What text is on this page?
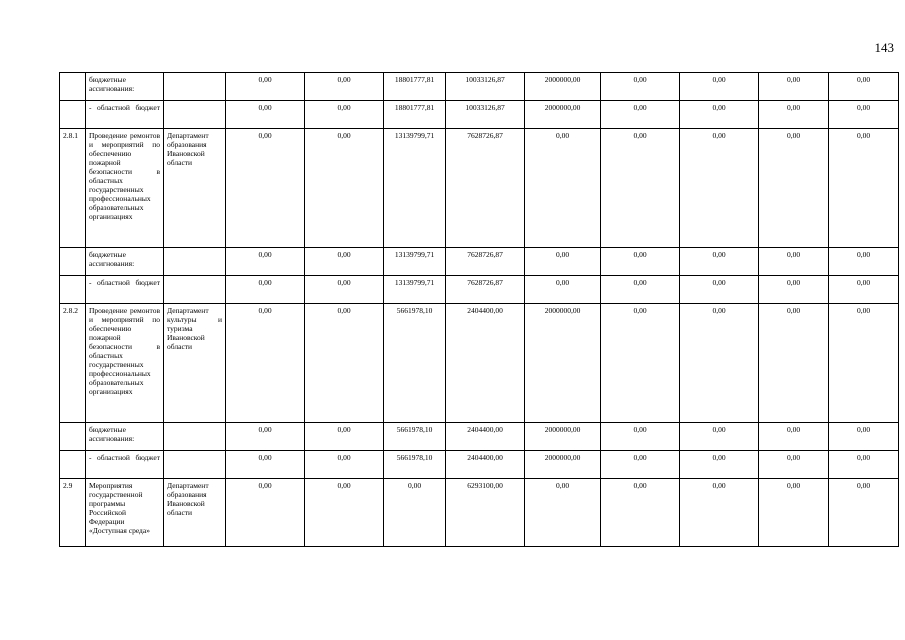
143
	бюджетные ассигнования:		0,00	0,00	18801777,81	10033126,87	2000000,00	0,00	0,00	0,00	0,00
	- областной бюджет		0,00	0,00	18801777,81	10033126,87	2000000,00	0,00	0,00	0,00	0,00
2.8.1	Проведение ремонтов и мероприятий по обеспечению пожарной безопасности в областных государственных профессиональных образовательных организациях	Департамент образования Ивановской области	0,00	0,00	13139799,71	7628726,87	0,00	0,00	0,00	0,00	0,00
	бюджетные ассигнования:		0,00	0,00	13139799,71	7628726,87	0,00	0,00	0,00	0,00	0,00
	- областной бюджет		0,00	0,00	13139799,71	7628726,87	0,00	0,00	0,00	0,00	0,00
2.8.2	Проведение ремонтов и мероприятий по обеспечению пожарной безопасности в областных государственных профессиональных образовательных организациях	Департамент культуры и туризма Ивановской области	0,00	0,00	5661978,10	2404400,00	2000000,00	0,00	0,00	0,00	0,00
	бюджетные ассигнования:		0,00	0,00	5661978,10	2404400,00	2000000,00	0,00	0,00	0,00	0,00
	- областной бюджет		0,00	0,00	5661978,10	2404400,00	2000000,00	0,00	0,00	0,00	0,00
2.9	Мероприятия государственной программы Российской Федерации «Доступная среда»	Департамент образования Ивановской области	0,00	0,00	0,00	6293100,00	0,00	0,00	0,00	0,00	0,00
